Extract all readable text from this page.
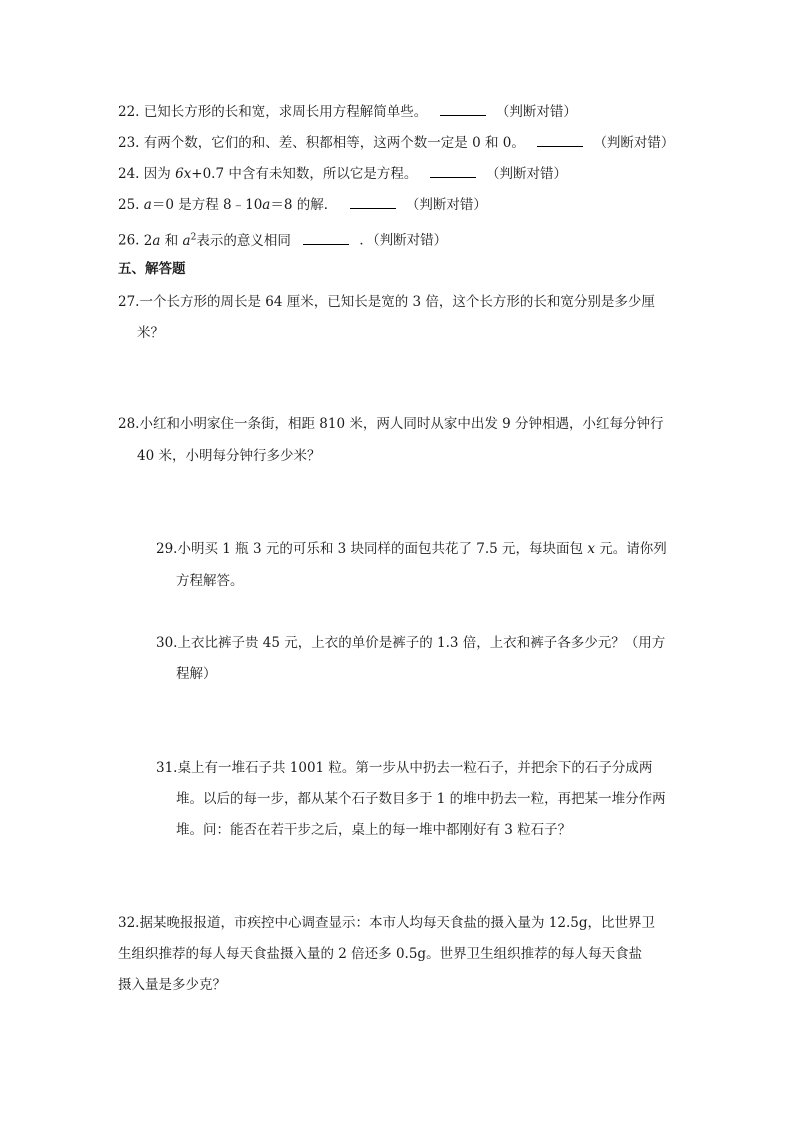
22. 已知长方形的长和宽，求周长用方程解简单些。	（判断对错）
23. 有两个数，它们的和、差、积都相等，这两个数一定是 0 和 0。	（判断对错）
24. 因为 6x+0.7 中含有未知数，所以它是方程。	（判断对错）
25. a＝0 是方程 8﹣10a＝8 的解．	（判断对错）
26. 2a 和 $a^2$表示的意义相同	．（判断对错）
五、解答题
27.一个长方形的周长是 64 厘米，已知长是宽的 3 倍，这个长方形的长和宽分别是多少厘
米？
28.小红和小明家住一条街，相距 810 米，两人同时从家中出发 9 分钟相遇，小红每分钟行
40 米，小明每分钟行多少米？
29.小明买 1 瓶 3 元的可乐和 3 块同样的面包共花了 7.5 元，每块面包 x 元。请你列
方程解答。
30.上衣比裤子贵 45 元，上衣的单价是裤子的 1.3 倍，上衣和裤子各多少元？（用方
程解）
31.桌上有一堆石子共 1001 粒。第一步从中扔去一粒石子，并把余下的石子分成两
堆。以后的每一步，都从某个石子数目多于 1 的堆中扔去一粒，再把某一堆分作两
堆。问：能否在若干步之后，桌上的每一堆中都刚好有 3 粒石子？
32.据某晚报报道，市疾控中心调查显示：本市人均每天食盐的摄入量为 12.5g，比世界卫
生组织推荐的每人每天食盐摄入量的 2 倍还多 0.5g。世界卫生组织推荐的每人每天食盐
摄入量是多少克？
